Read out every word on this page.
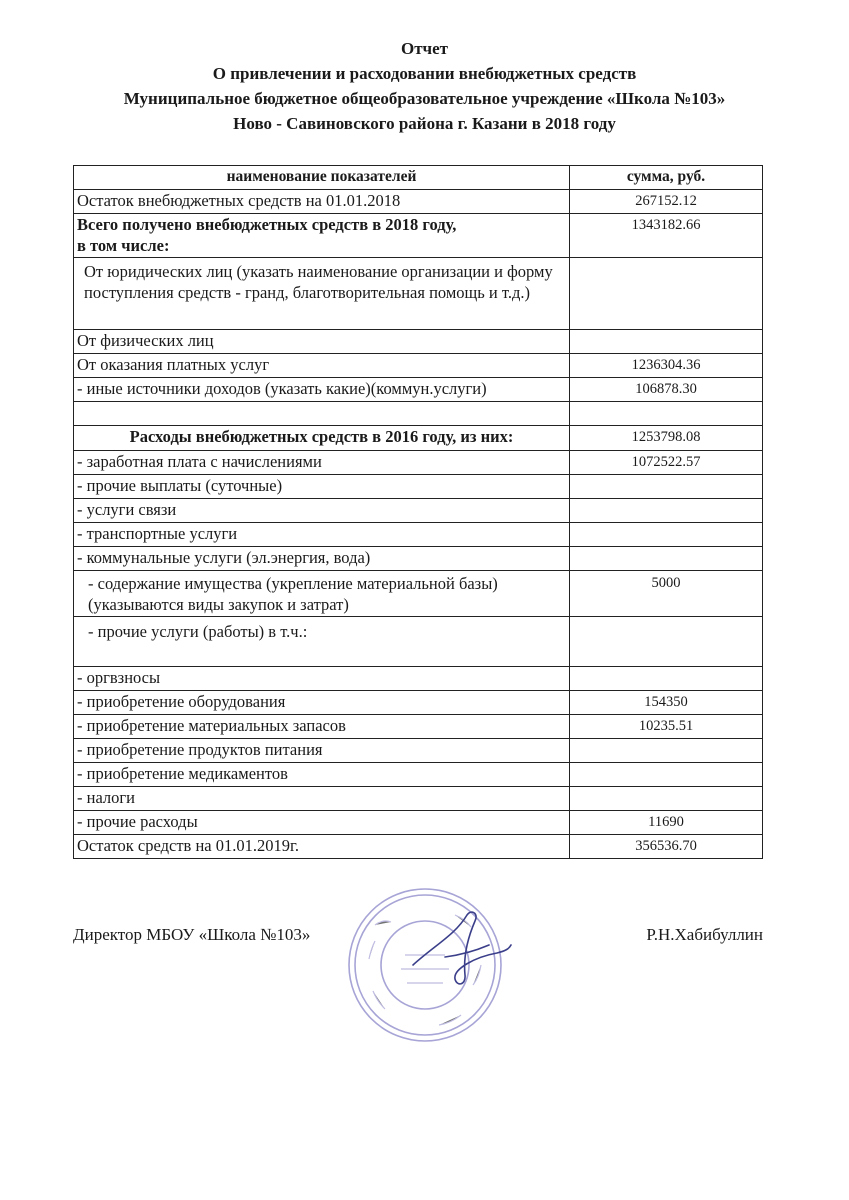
Отчет
О привлечении и расходовании внебюджетных средств
Муниципальное бюджетное общеобразовательное учреждение «Школа №103»
Ново - Савиновского района г. Казани в 2018 году
наименование показателей	сумма, руб.
Остаток внебюджетных средств на 01.01.2018	267152.12
Всего получено внебюджетных средств в 2018 году,
в том числе:	1343182.66
От юридических лиц (указать наименование организации и форму поступления средств - гранд, благотворительная помощь и т.д.)	
От физических лиц	
От оказания платных услуг	1236304.36
- иные источники доходов (указать какие)(коммун.услуги)	106878.30

Расходы внебюджетных средств в 2016 году, из них:	1253798.08
- заработная плата с начислениями	1072522.57
- прочие выплаты (суточные)	
- услуги связи	
- транспортные услуги	
- коммунальные услуги (эл.энергия, вода)	
- содержание имущества (укрепление материальной базы) (указываются виды закупок и затрат)	5000
- прочие услуги (работы) в т.ч.:	
- оргвзносы	
- приобретение оборудования	154350
- приобретение материальных запасов	10235.51
- приобретение продуктов питания	
- приобретение медикаментов	
- налоги	
- прочие расходы	11690
Остаток средств на 01.01.2019г.	356536.70
Директор МБОУ «Школа №103»	Р.Н.Хабибуллин
